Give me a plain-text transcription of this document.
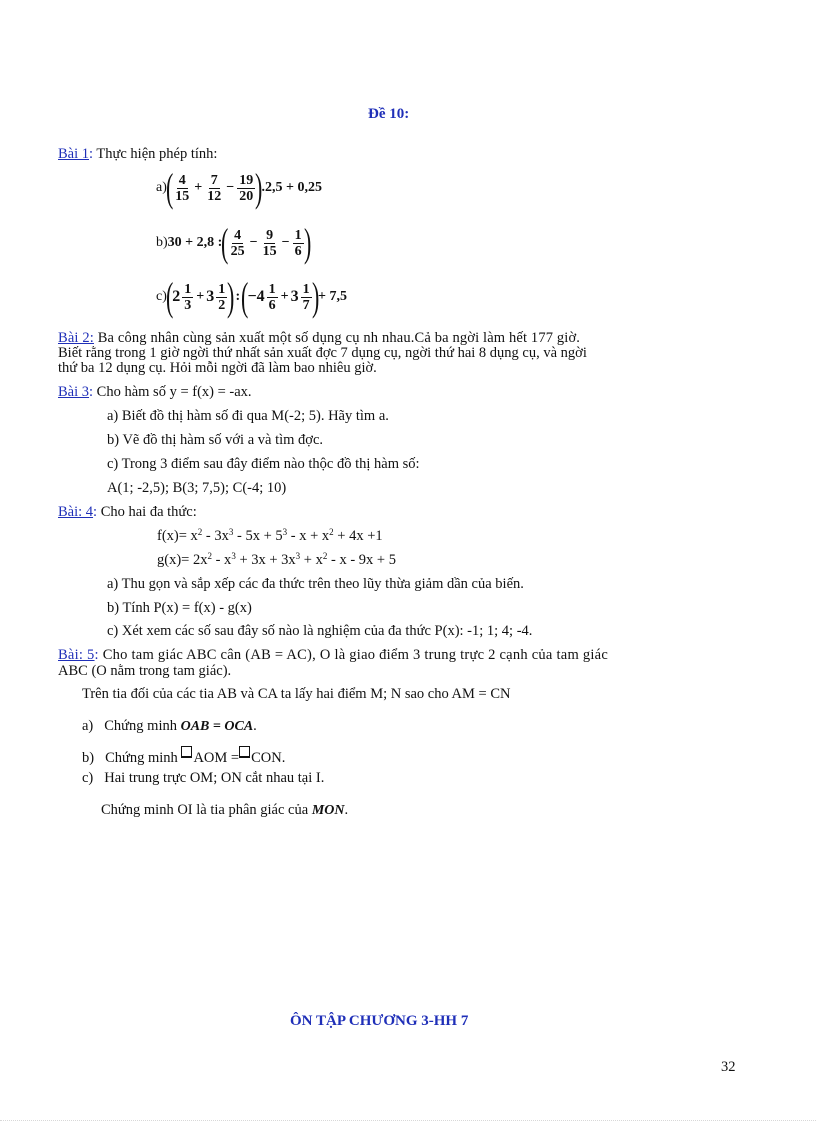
Đề 10:
Bài 1: Thực hiện phép tính:
a)
( $\frac{4}{15} + \frac{7}{12} - \frac{19}{20}$ )
.2,5 + 0,25
b) 30 + 2,8 :
( $\frac{4}{25} - \frac{9}{15} - \frac{1}{6}$ )
c)
(
$2 \frac{1}{3} + 3 \frac{1}{2}$ ) : (
$-4 \frac{1}{6} + 3 \frac{1}{7}$ )
+ 7,5
Bài 2: Ba công nhân cùng sản xuất một số dụng cụ nh nhau.Cả ba ngời làm hết 177 giờ.
Biết rằng trong 1 giờ ngời thứ nhất sản xuất đợc 7 dụng cụ, ngời thứ hai 8 dụng cụ, và ngời
thứ ba 12 dụng cụ. Hỏi mỗi ngời đã làm bao nhiêu giờ.
Bài 3: Cho hàm số y = f(x) = -ax.
a) Biết đồ thị hàm số đi qua M(-2; 5). Hãy tìm a.
b) Vẽ đồ thị hàm số với a và tìm đợc.
c) Trong 3 điểm sau đây điểm nào thộc đồ thị hàm số:
A(1; -2,5); B(3; 7,5); C(-4; 10)
Bài: 4: Cho hai đa thức:
$f(x)= x^2 - 3x^3 - 5x + 5^3 - x + x^2 + 4x +1$
$g(x)= 2x^2 - x^3 + 3x + 3x^3 + x^2 - x - 9x + 5$
a) Thu gọn và sắp xếp các đa thức trên theo lũy thừa giảm dần của biến.
b) Tính P(x) = f(x) - g(x)
c) Xét xem các số sau đây số nào là nghiệm của đa thức P(x): -1; 1; 4; -4.
Bài: 5: Cho tam giác ABC cân (AB = AC), O là giao điểm 3 trung trực 2 cạnh của tam giác
ABC (O nằm trong tam giác).
Trên tia đối của các tia AB và CA ta lấy hai điểm M; N sao cho AM = CN
a) Chứng minh OAB = OCA.
b) Chứng minh AOM = CON.
c) Hai trung trực OM; ON cắt nhau tại I.
Chứng minh OI là tia phân giác của MON.
ÔN TẬP CHƯƠNG 3-HH 7
32
